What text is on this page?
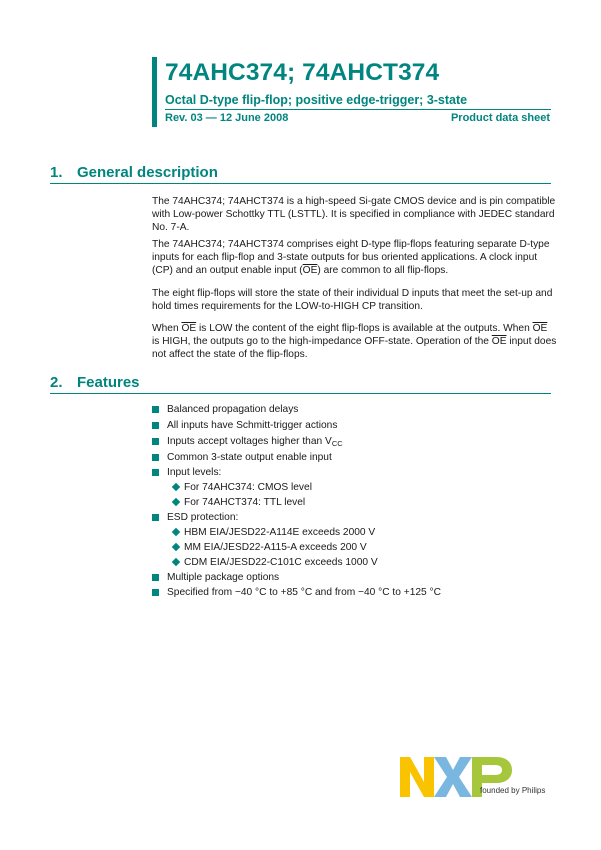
74AHC374; 74AHCT374
Octal D-type flip-flop; positive edge-trigger; 3-state
Rev. 03 — 12 June 2008	Product data sheet
1. General description
The 74AHC374; 74AHCT374 is a high-speed Si-gate CMOS device and is pin compatible with Low-power Schottky TTL (LSTTL). It is specified in compliance with JEDEC standard No. 7-A.
The 74AHC374; 74AHCT374 comprises eight D-type flip-flops featuring separate D-type inputs for each flip-flop and 3-state outputs for bus oriented applications. A clock input (CP) and an output enable input $(\overline{OE})$ are common to all flip-flops.
The eight flip-flops will store the state of their individual D inputs that meet the set-up and hold times requirements for the LOW-to-HIGH CP transition.
When $\overline{OE}$ is LOW the content of the eight flip-flops is available at the outputs. When $\overline{OE}$ is HIGH, the outputs go to the high-impedance OFF-state. Operation of the $\overline{OE}$ input does not affect the state of the flip-flops.
2. Features
Balanced propagation delays
All inputs have Schmitt-trigger actions
Inputs accept voltages higher than $V_{CC}$
Common 3-state output enable input
Input levels:
For 74AHC374: CMOS level
For 74AHCT374: TTL level
ESD protection:
HBM EIA/JESD22-A114E exceeds 2000 V
MM EIA/JESD22-A115-A exceeds 200 V
CDM EIA/JESD22-C101C exceeds 1000 V
Multiple package options
Specified from −40 °C to +85 °C and from −40 °C to +125 °C
founded by Philips
